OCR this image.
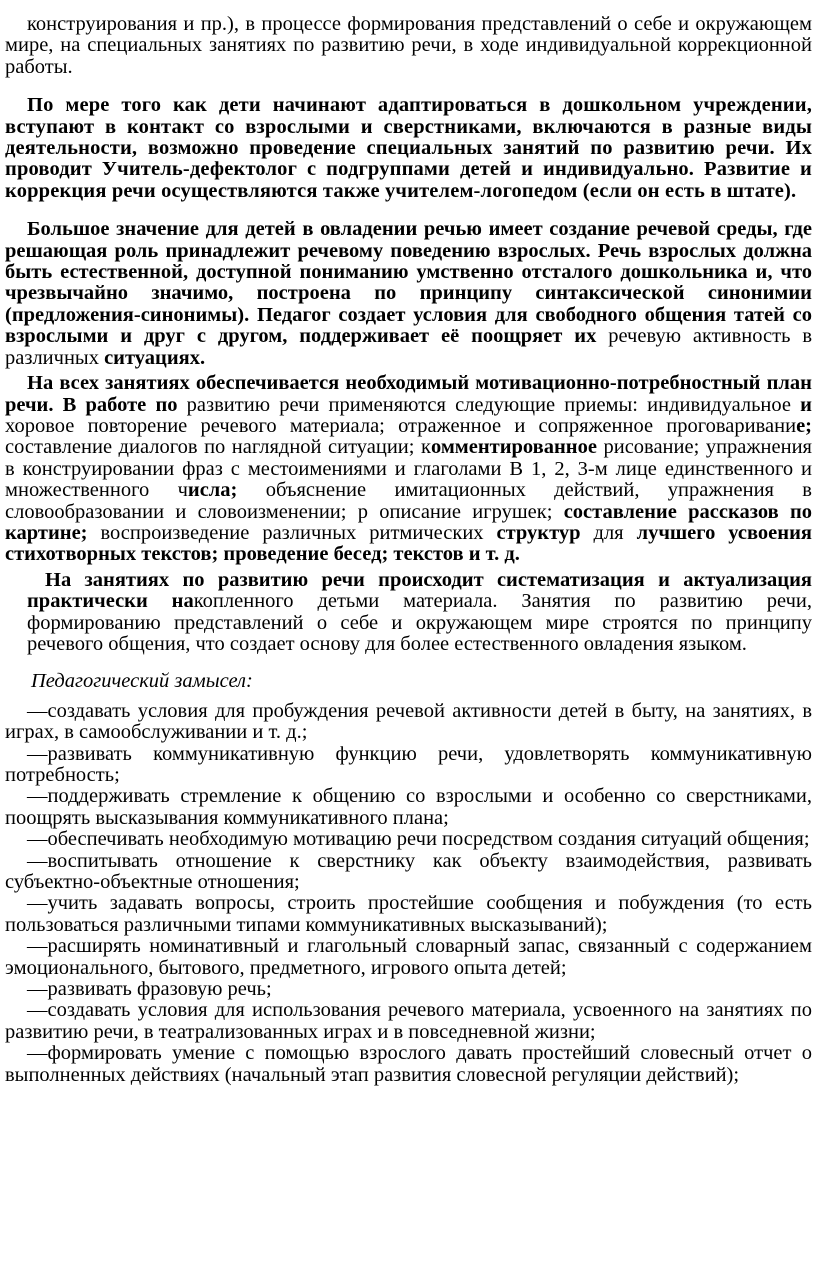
конструирования и пр.), в процессе формирования представлений о себе и окружающем мире, на специальных занятиях по развитию речи, в ходе индивидуальной коррекционной работы.

По мере того как дети начинают адаптироваться в дошкольном учреждении, вступают в контакт со взрослыми и сверстниками, включаются в разные виды деятельности, возможно проведение специальных занятий по развитию речи. Их проводит Учитель-дефектолог с подгруппами детей и индивидуально. Развитие и коррекция речи осуществляются также учителем-логопедом (если он есть в штате).

Большое значение для детей в овладении речью имеет создание речевой среды, где решающая роль принадлежит речевому поведению взрослых. Речь взрослых должна быть естественной, доступной пониманию умственно отсталого дошкольника и, что чрезвычайно значимо, построена по принципу синтаксической синонимии (предложения-синонимы). Педагог создает условия для свободного общения татей со взрослыми и друг с другом, поддерживает её поощряет их речевую активность в различных ситуациях.

На всех занятиях обеспечивается необходимый мотивационно-потребностный план речи. В работе по развитию речи применяются следующие приемы: индивидуальное и хоровое повторение речевого материала; отраженное и сопряженное проговаривание; составление диалогов по наглядной ситуации; комментированное рисование; упражнения в конструировании фраз с местоимениями и глаголами В 1, 2, 3-м лице единственного и множественного числа; объяснение имитационных действий, упражнения в словообразовании и словоизменении; р описание игрушек; составление рассказов по картине; воспроизведение различных ритмических структур для лучшего усвоения стихотворных текстов; проведение бесед; текстов и т. д.

На занятиях по развитию речи происходит систематизация и актуализация практически накопленного детьми материала. Занятия по развитию речи, формированию представлений о себе и окружающем мире строятся по принципу речевого общения, что создает основу для более естественного овладения языком.

Педагогический замысел:

—создавать условия для пробуждения речевой активности детей в быту, на занятиях, в играх, в самообслуживании и т. д.;

—развивать коммуникативную функцию речи, удовлетворять коммуникативную потребность;

—поддерживать стремление к общению со взрослыми и особенно со сверстниками, поощрять высказывания коммуникативного плана;

—обеспечивать необходимую мотивацию речи посредством создания ситуаций общения;

—воспитывать отношение к сверстнику как объекту взаимодействия, развивать субъектно-объектные отношения;

—учить задавать вопросы, строить простейшие сообщения и побуждения (то есть пользоваться различными типами коммуникативных высказываний);

—расширять номинативный и глагольный словарный запас, связанный с содержанием эмоционального, бытового, предметного, игрового опыта детей;

—развивать фразовую речь;

—создавать условия для использования речевого материала, усвоенного на занятиях по развитию речи, в театрализованных играх и в повседневной жизни;

—формировать умение с помощью взрослого давать простейший словесный отчет о выполненных действиях (начальный этап развития словесной регуляции действий);
